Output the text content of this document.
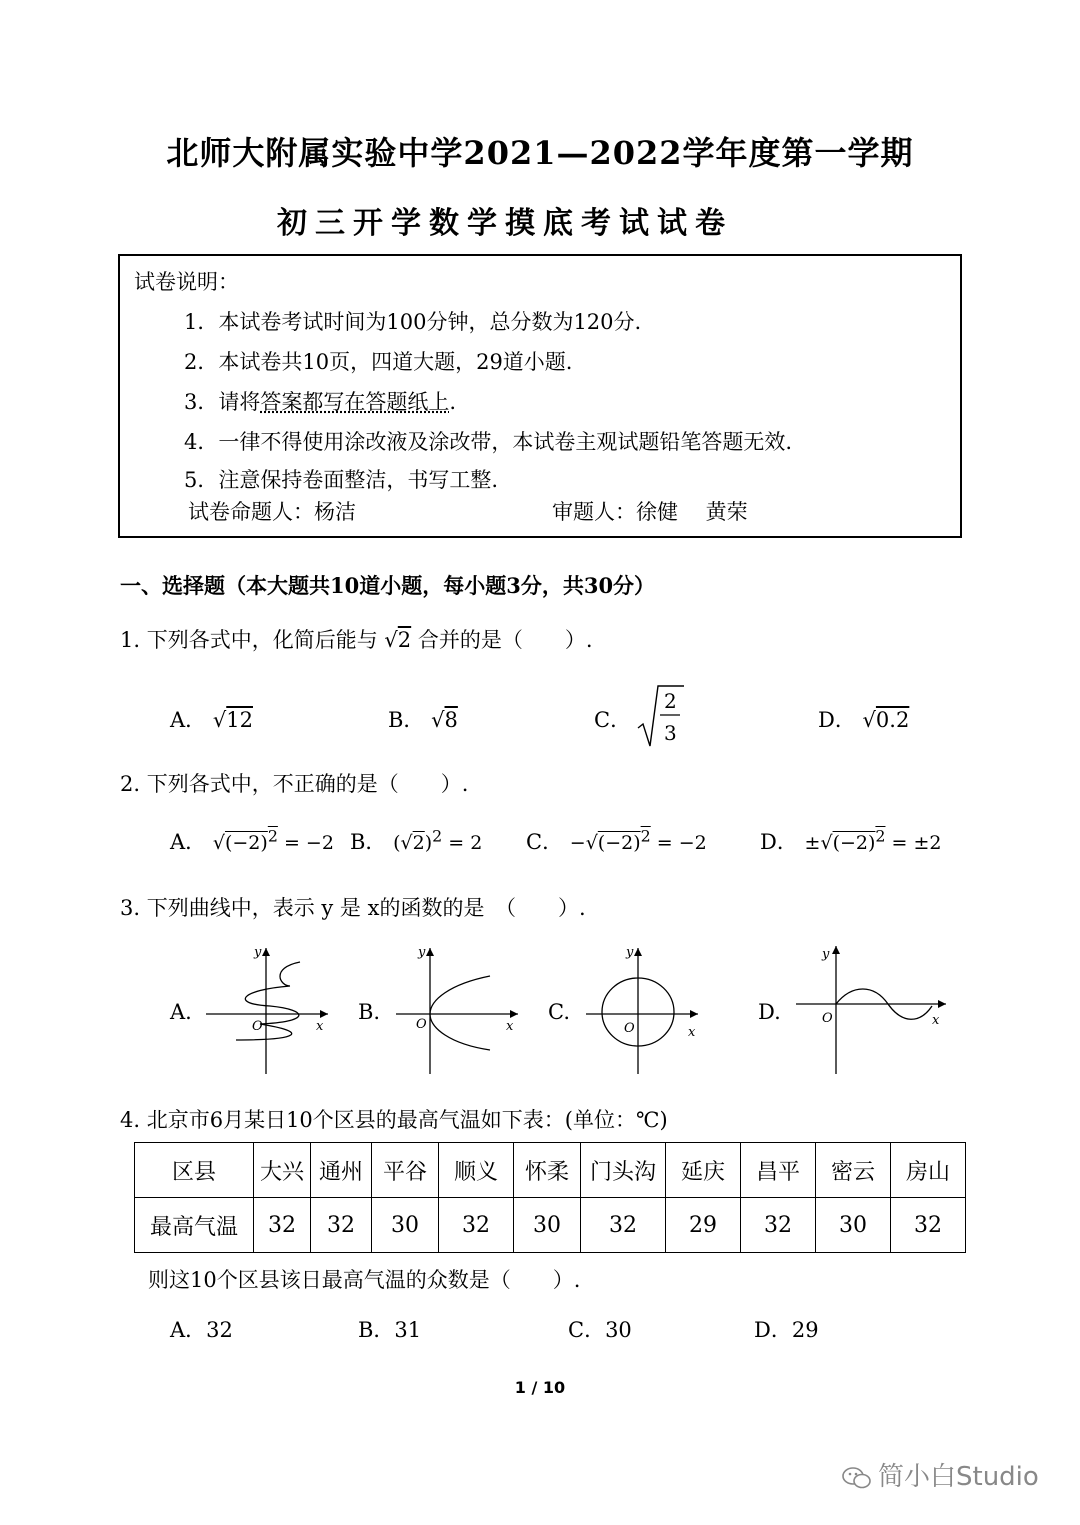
北师大附属实验中学2021—2022学年度第一学期
初三开学数学摸底考试试卷
试卷说明：
1．本试卷考试时间为100分钟，总分数为120分.
2．本试卷共10页，四道大题，29道小题.
3．请将答案都写在答题纸上.
4．一律不得使用涂改液及涂改带，本试卷主观试题铅笔答题无效.
5．注意保持卷面整洁，书写工整.
试卷命题人：杨洁	审题人：徐健　 黄荣
一、选择题（本大题共10道小题，每小题3分，共30分）
1. 下列各式中，化简后能与 √2 合并的是（　　）.
A． √12	B． √8	C．
2
3
D． √0.2
2. 下列各式中，不正确的是（　　）.
A． $√(-2)^2 = -2$ B． $(√2)^2 = 2$ C． $-√(-2)^2 = -2$	D． $\pm√(-2)^2 = \pm 2$
3. 下列曲线中，表示 y 是 x的函数的是　（　　）.
A.
y
x
O
B.
y
x
O
C.
y
x
O
D.
y
x
O
4. 北京市6月某日10个区县的最高气温如下表：(单位：℃)
区县	大兴	通州	平谷	顺义	怀柔	门头沟	延庆	昌平	密云	房山
最高气温	32	32	30	32	30	32	29	32	30	32
则这10个区县该日最高气温的众数是（　　）.
A．32	B．31	C．30	D．29
1 / 10
简小白Studio
